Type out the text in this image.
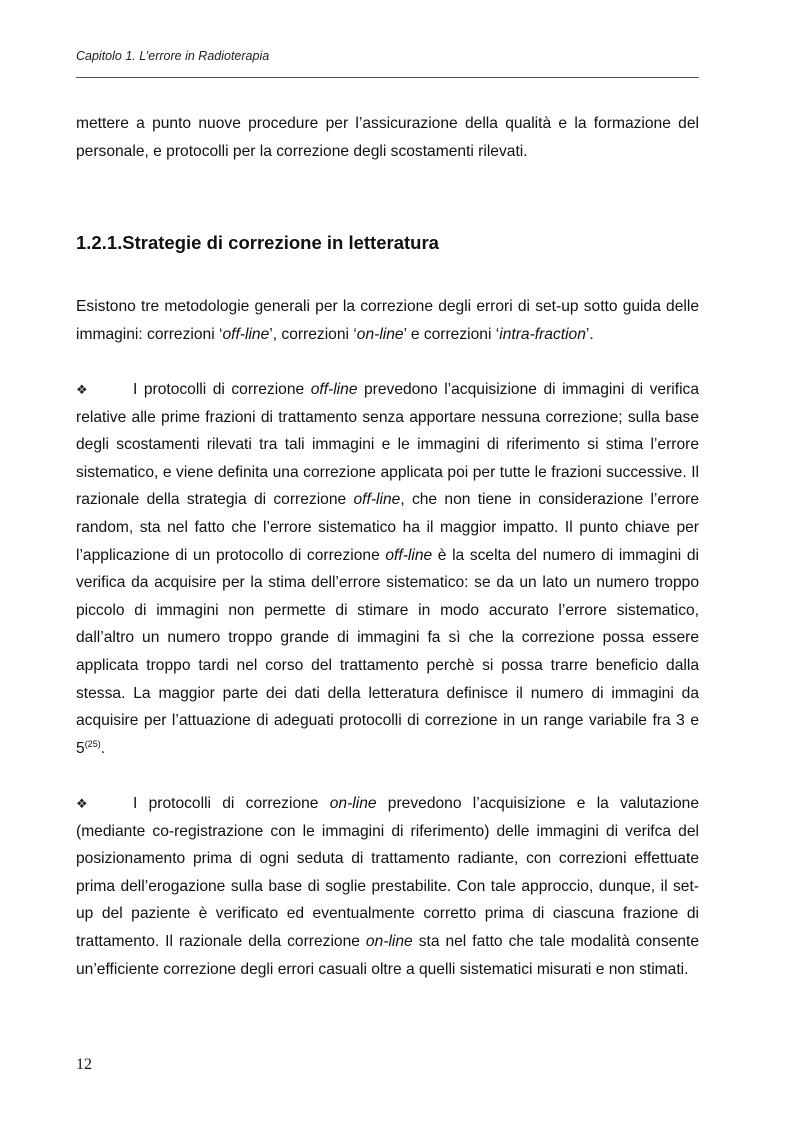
Capitolo 1. L’errore in Radioterapia

mettere a punto nuove procedure per l’assicurazione della qualità e la formazione del personale, e protocolli per la correzione degli scostamenti rilevati.

1.2.1.Strategie di correzione in letteratura

Esistono tre metodologie generali per la correzione degli errori di set-up sotto guida delle immagini: correzioni ‘off-line’, correzioni ‘on-line’ e correzioni ‘intra-fraction’.

❖	I protocolli di correzione off-line prevedono l’acquisizione di immagini di verifica relative alle prime frazioni di trattamento senza apportare nessuna correzione; sulla base degli scostamenti rilevati tra tali immagini e le immagini di riferimento si stima l’errore sistematico, e viene definita una correzione applicata poi per tutte le frazioni successive. Il razionale della strategia di correzione off-line, che non tiene in considerazione l’errore random, sta nel fatto che l’errore sistematico ha il maggior impatto. Il punto chiave per l’applicazione di un protocollo di correzione off-line è la scelta del numero di immagini di verifica da acquisire per la stima dell’errore sistematico: se da un lato un numero troppo piccolo di immagini non permette di stimare in modo accurato l’errore sistematico, dall’altro un numero troppo grande di immagini fa sì che la correzione possa essere applicata troppo tardi nel corso del trattamento perchè si possa trarre beneficio dalla stessa. La maggior parte dei dati della letteratura definisce il numero di immagini da acquisire per l’attuazione di adeguati protocolli di correzione in un range variabile fra 3 e 5$^{(25)}$.

❖	I protocolli di correzione on-line prevedono l’acquisizione e la valutazione (mediante co-registrazione con le immagini di riferimento) delle immagini di verifca del posizionamento prima di ogni seduta di trattamento radiante, con correzioni effettuate prima dell’erogazione sulla base di soglie prestabilite. Con tale approccio, dunque, il set-up del paziente è verificato ed eventualmente corretto prima di ciascuna frazione di trattamento. Il razionale della correzione on-line sta nel fatto che tale modalità consente un’efficiente correzione degli errori casuali oltre a quelli sistematici misurati e non stimati.

12
